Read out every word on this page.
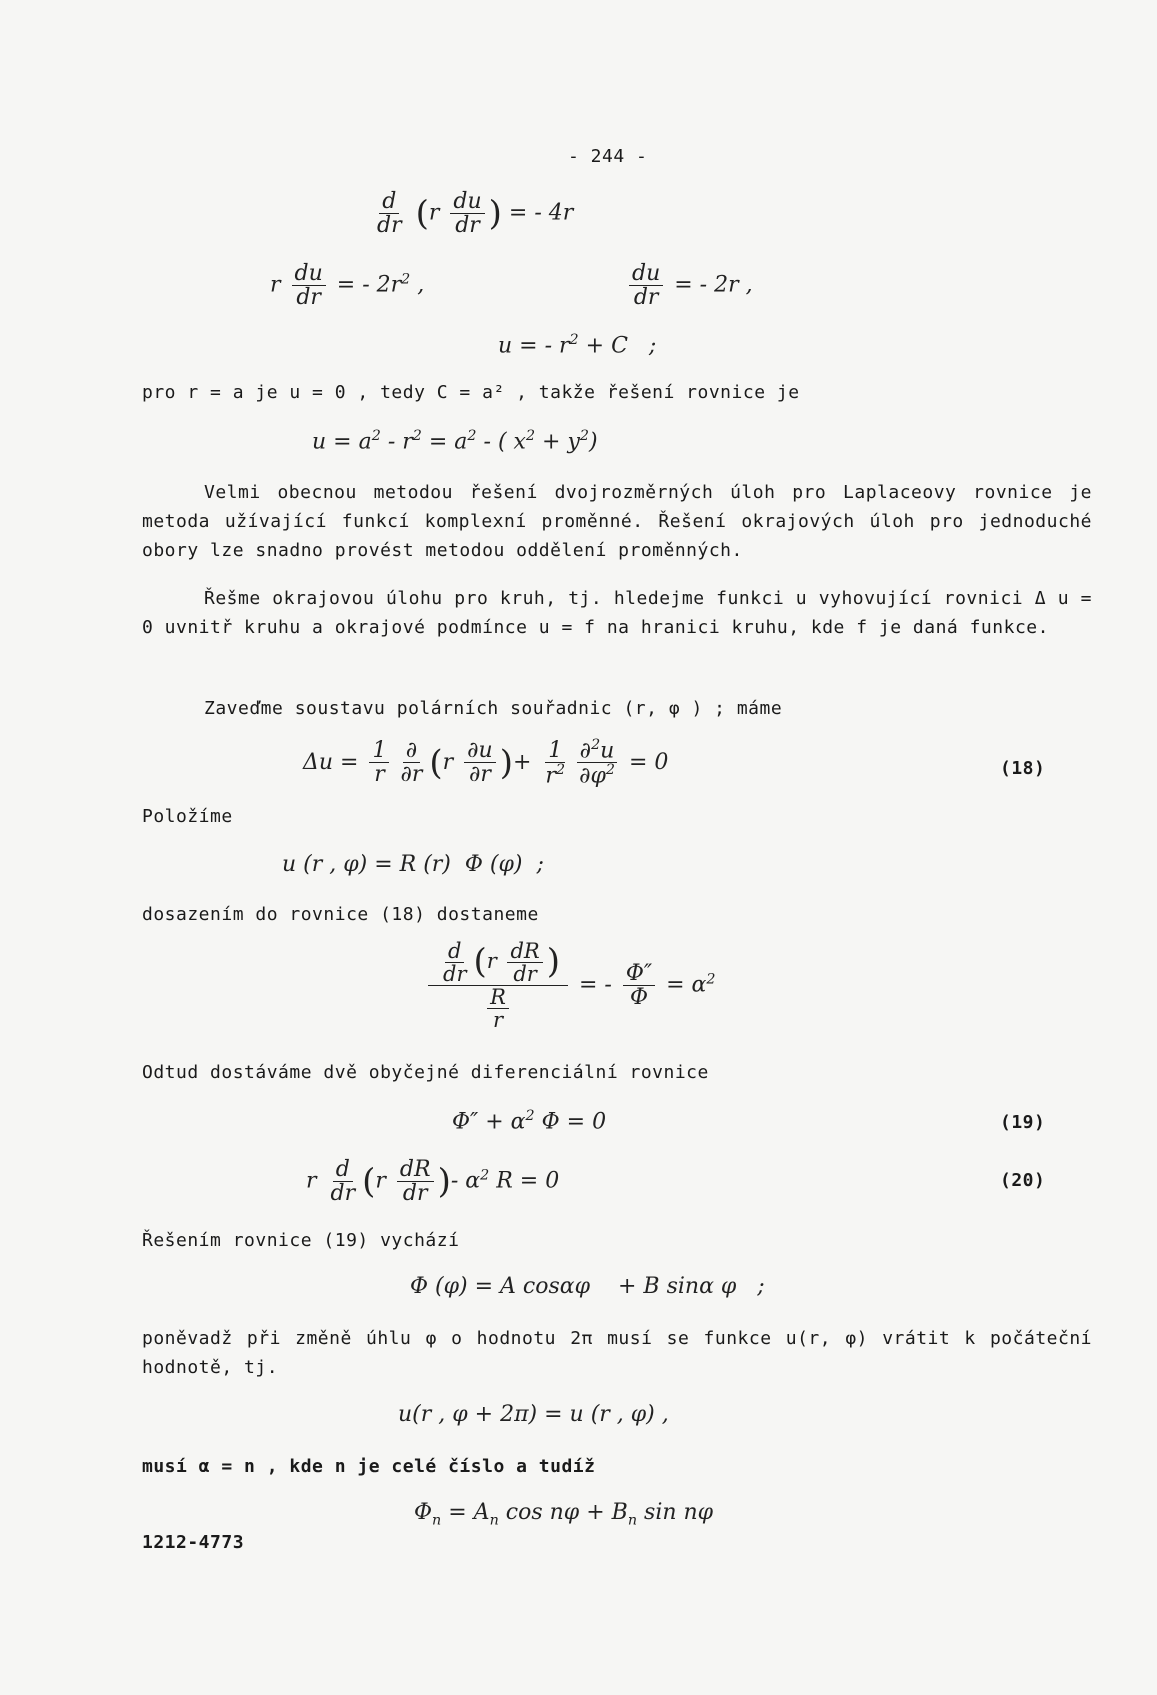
- 244 -
$\frac{d}{dr} (r \frac{du}{dr}$ ) = - 4r
r $\frac{du}{dr}$ = - $2r^2$ ,	$\frac{du}{dr}$ = - 2r ,
u = - $r^2 + C$   ;
pro r = a je u = 0 , tedy C = a² , takže řešení rovnice je
$u = a^2 - r^2 = a^2$ - ( $x^2 + y^2$)
Velmi obecnou metodou řešení dvojrozměrných úloh pro Laplaceovy rovnice je metoda užívající funkcí komplexní proměnné. Řešení okrajových úloh pro jednoduché obory lze snadno provést metodou oddělení proměnných.
Řešme okrajovou úlohu pro kruh, tj. hledejme funkci u vyhovující rovnici Δ u = 0 uvnitř kruhu a okrajové podmínce u = f na hranici kruhu, kde f je daná funkce.
Zaveďme soustavu polárních souřadnic (r, φ ) ; máme
$\Delta u = \frac{1}{r} \frac{\partial}{\partial r} (r \frac{\partial u}{\partial r}$ )+ $\frac{1}{r^2} \frac{\partial^2u}{\partial\varphi^2} = 0$	(18)
Položíme
u (r , φ) = R (r)  Φ (φ)  ;
dosazením do rovnice (18) dostaneme
$\frac{\frac{d}{dr} (r \frac{dR}{dr} )}{\frac{R}{r}}$ = - $\frac{\Phi''}{\Phi} = \alpha^2$
Odtud dostáváme dvě obyčejné diferenciální rovnice
$\Phi'' + \alpha^2$ Φ = 0	(19)
r $\frac{d}{dr} (r \frac{dR}{dr}$ )- $\alpha^2$ R = 0	(20)
Řešením rovnice (19) vychází
Φ (φ) = A cosαφ    + B sinα φ   ;
poněvadž při změně úhlu φ o hodnotu 2π musí se funkce u(r, φ) vrátit k počáteční hodnotě, tj.
u(r , φ + 2π) = u (r , φ) ,
musí α = n , kde n je celé číslo a tudíž
$\Phi_n = A_n$ $\cos n\varphi + B_n$ sin nφ
1212-4773
